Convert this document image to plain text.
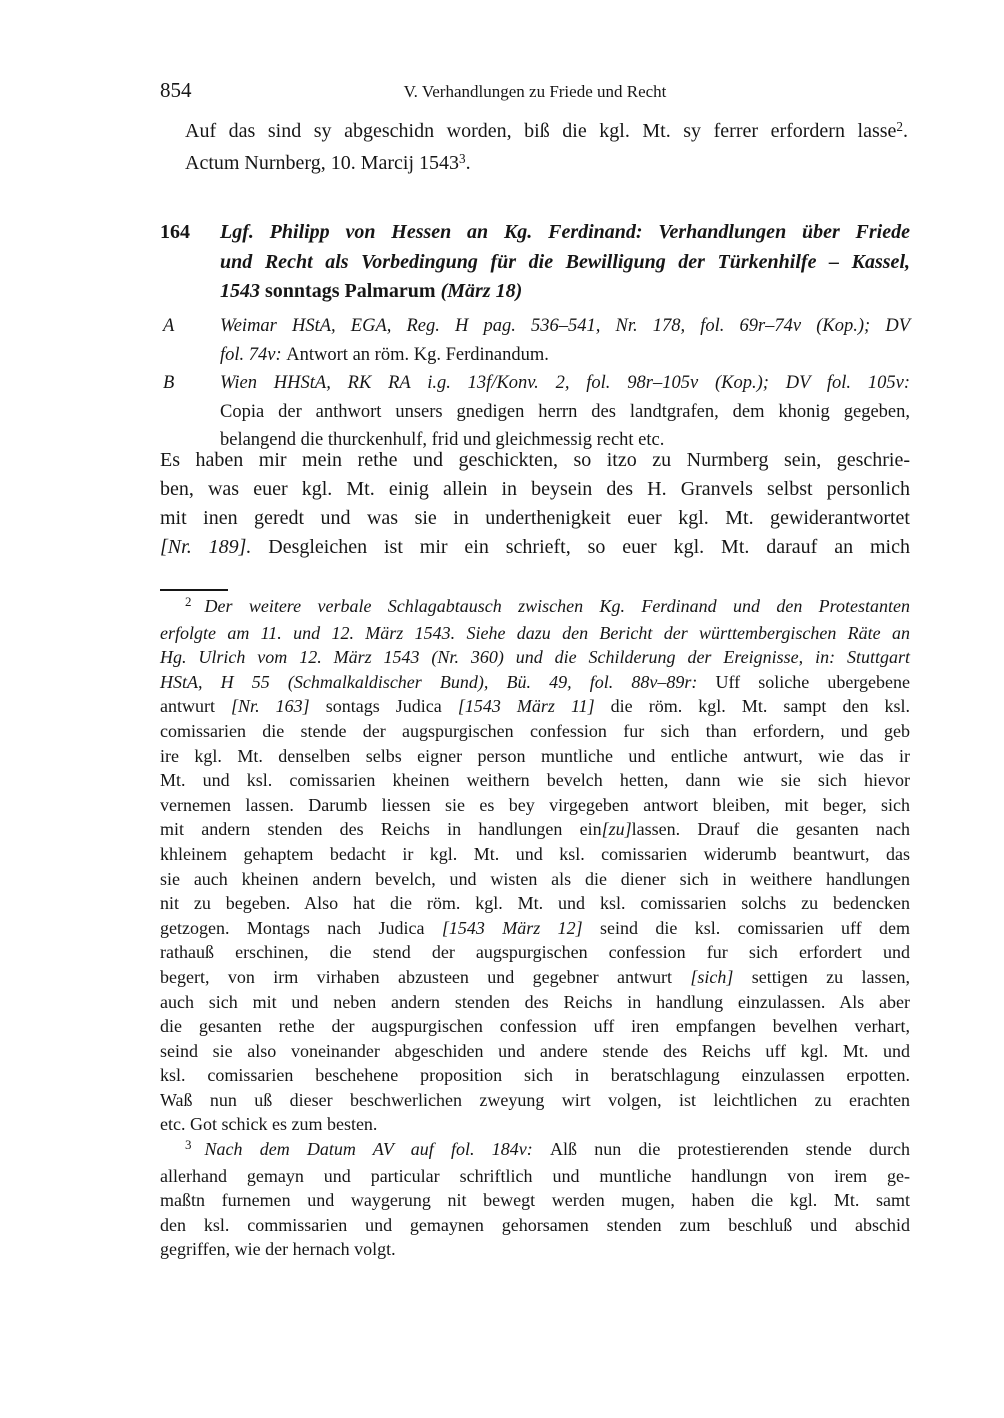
854	V. Verhandlungen zu Friede und Recht
Auf das sind sy abgeschidn worden, biß die kgl. Mt. sy ferrer erfordern lasse$^2$.
Actum Nurnberg, 10. Marcij 1543$^3$.
164 Lgf. Philipp von Hessen an Kg. Ferdinand: Verhandlungen über Friede
und Recht als Vorbedingung für die Bewilligung der Türkenhilfe – Kassel,
1543 sonntags Palmarum (März 18)
A Weimar HStA, EGA, Reg. H pag. 536–541, Nr. 178, fol. 69r–74v (Kop.); DV
fol. 74v: Antwort an röm. Kg. Ferdinandum.
B Wien HHStA, RK RA i.g. 13f/Konv. 2, fol. 98r–105v (Kop.); DV fol. 105v:
Copia der anthwort unsers gnedigen herrn des landtgrafen, dem khonig gegeben,
belangend die thurckenhulf, frid und gleichmessig recht etc.
Es haben mir mein rethe und geschickten, so itzo zu Nurmberg sein, geschrie-
ben, was euer kgl. Mt. einig allein in beysein des H. Granvels selbst personlich
mit inen geredt und was sie in underthenigkeit euer kgl. Mt. gewiderantwortet
[Nr. 189]. Desgleichen ist mir ein schrieft, so euer kgl. Mt. darauf an mich
$^2$ Der weitere verbale Schlagabtausch zwischen Kg. Ferdinand und den Protestanten
erfolgte am 11. und 12. März 1543. Siehe dazu den Bericht der württembergischen Räte an
Hg. Ulrich vom 12. März 1543 (Nr. 360) und die Schilderung der Ereignisse, in: Stuttgart
HStA, H 55 (Schmalkaldischer Bund), Bü. 49, fol. 88v–89r: Uff soliche ubergebene
antwurt [Nr. 163] sontags Judica [1543 März 11] die röm. kgl. Mt. sampt den ksl.
comissarien die stende der augspurgischen confession fur sich than erfordern, und geb
ire kgl. Mt. denselben selbs eigner person muntliche und entliche antwurt, wie das ir
Mt. und ksl. comissarien kheinen weithern bevelch hetten, dann wie sie sich hievor
vernemen lassen. Darumb liessen sie es bey virgegeben antwort bleiben, mit beger, sich
mit andern stenden des Reichs in handlungen ein[zu]lassen. Drauf die gesanten nach
khleinem gehaptem bedacht ir kgl. Mt. und ksl. comissarien widerumb beantwurt, das
sie auch kheinen andern bevelch, und wisten als die diener sich in weithere handlungen
nit zu begeben. Also hat die röm. kgl. Mt. und ksl. comissarien solchs zu bedencken
getzogen. Montags nach Judica [1543 März 12] seind die ksl. comissarien uff dem
rathauß erschinen, die stend der augspurgischen confession fur sich erfordert und
begert, von irm virhaben abzusteen und gegebner antwurt [sich] settigen zu lassen,
auch sich mit und neben andern stenden des Reichs in handlung einzulassen. Als aber
die gesanten rethe der augspurgischen confession uff iren empfangen bevelhen verhart,
seind sie also voneinander abgeschiden und andere stende des Reichs uff kgl. Mt. und
ksl. comissarien beschehene proposition sich in beratschlagung einzulassen erpotten.
Waß nun uß dieser beschwerlichen zweyung wirt volgen, ist leichtlichen zu erachten
etc. Got schick es zum besten.
$^3$ Nach dem Datum AV auf fol. 184v: Alß nun die protestierenden stende durch
allerhand gemayn und particular schriftlich und muntliche handlungn von irem ge-
maßtn furnemen und waygerung nit bewegt werden mugen, haben die kgl. Mt. samt
den ksl. commissarien und gemaynen gehorsamen stenden zum beschluß und abschid
gegriffen, wie der hernach volgt.
